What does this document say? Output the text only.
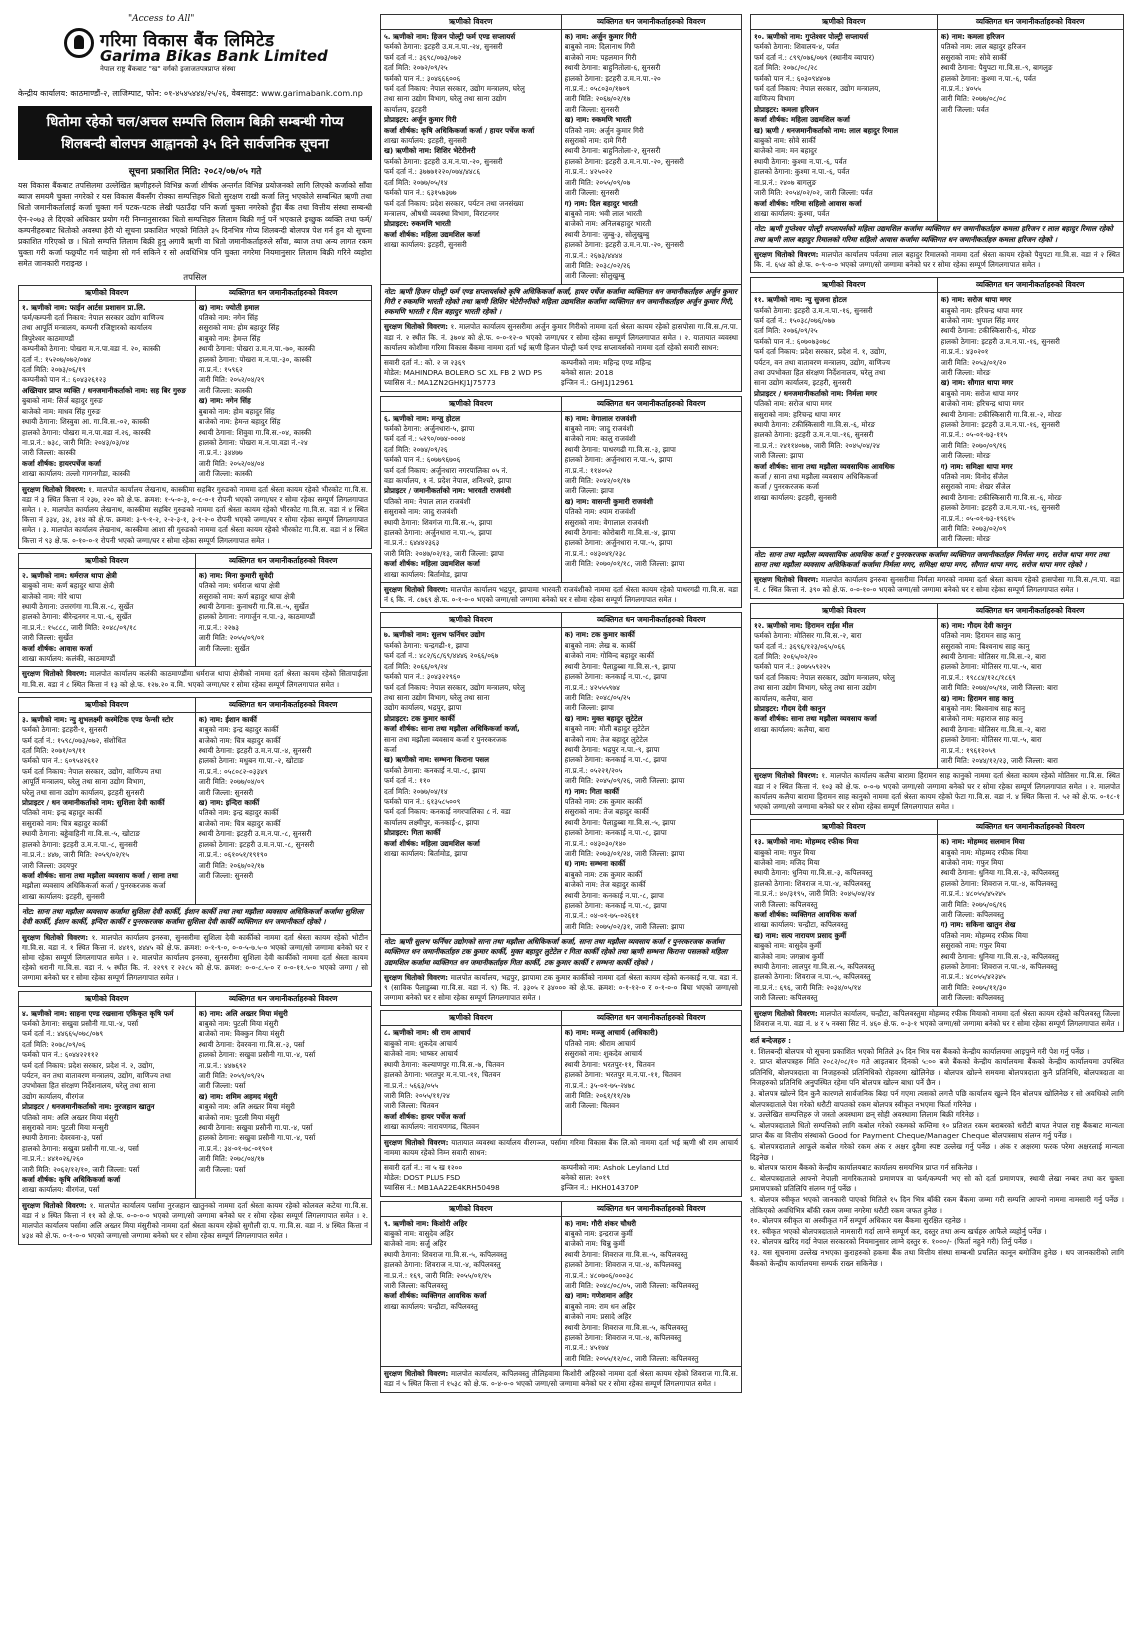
"Access to All"
गरिमा विकास बैंक लिमिटेड
Garima Bikas Bank Limited
नेपाल राष्ट्र बैंकबाट "ख" वर्गको इजाजतपत्रप्राप्त संस्था
केन्द्रीय कार्यालय: काठमाण्डौं-२, लाजिम्पाट, फोन: ०१-४५४५४४४/२५/२६, वेबसाइट: www.garimabank.com.np
धितोमा रहेको चल/अचल सम्पत्ति लिलाम बिक्री सम्बन्धी गोप्य
शिलबन्दी बोलपत्र आह्वानको ३५ दिने सार्वजनिक सूचना
सूचना प्रकाशित मिति: २०८२/०७/०५ गते
यस विकास बैंकबाट तपसिलमा उल्लेखित ऋणीहरुले विभिन्न कर्जा शीर्षक अन्तर्गत विभिन्न प्रयोजनको लागि लिएको कर्जाको साँवा ब्याज समयमै चुक्ता नगरेको र यस विकास बैंकसँग रोक्का सम्पत्तिहरु धितो सुरक्षण राखी कर्जा लिनु भएकोले सम्बन्धित ऋणी तथा धितो जमानीकर्तालाई कर्जा चुक्ता गर्न पटक-पटक लेखी पठाउँदा पनि कर्जा चुक्ता नगरेको हुँदा बैंक तथा वित्तीय संस्था सम्बन्धी ऐन-२०७३ ले दिएको अधिकार प्रयोग गरी निम्नानुसारका धितो सम्पत्तिहरु लिलाम बिक्री गर्नु पर्ने भएकाले इच्छुक व्यक्ति तथा फर्म/कम्पनीहरुबाट धितोको अवस्था हेरी यो सूचना प्रकाशित भएको मितिले ३५ दिनभित्र गोप्य शिलबन्दी बोलपत्र पेश गर्न हुन यो सूचना प्रकाशित गरिएको छ । धितो सम्पत्ति लिलाम बिक्री हुनु अगावै ऋणी वा धितो जमानीकर्ताहरुले साँवा, ब्याज तथा अन्य लागत रकम चुक्ता गरी कर्जा फछ्र्यौट गर्न चाहेमा सो गर्न सकिने र सो अवधिभित्र पनि चुक्ता नगरेमा नियमानुसार लिलाम बिक्री गरिने व्यहोरा समेत जानकारी गराइन्छ ।
तपसिल
ऋणीको विवरण	व्यक्तिगत धन जमानीकर्ताहरुको विवरण
१. ऋणीको नाम: फाईन आर्टस प्रशासन प्रा.लि.
फर्म/कम्पनी दर्ता निकाय: नेपाल सरकार उद्योग वाणिज्य
तथा आपूर्ति मन्त्रालय, कम्पनी रजिष्ट्रारको कार्यालय
त्रिपुरेश्वर काठमाण्डौं
कम्पनीको ठेगाना: पोखरा म.न.पा.वडा नं. २०, कास्की
दर्ता नं.: १५२०७/०७२/०७४
दर्ता मिति: २०७३/०६/१९
कम्पनीको पान नं.: ६०४३२६१२३
अख्तियार प्राप्त व्यक्ति / धनजमानीकर्ताको नाम: सह बिर गुरुङ
बुबाको नाम: सिर्ज बहादुर गुरुङ
बाजेको नाम: माधव सिंह गुरुङ
स्थायी ठेगाना: शिस्वुवा आ. गा.वि.स.-०२, कास्की
हालको ठेगाना: पोखरा म.न.पा.वडा नं.२६, कास्की
ना.प्र.नं.: ७३८, जारी मिति: २०४३/०३/०४
जारी जिल्ला: कास्की
कर्जा शीर्षक: हायरपर्चेज कर्जा
शाखा कार्यालय: तल्लो गागनगौडा, कास्की
ख) नाम: ज्योती हमाल
पतिको नाम: नगेन सिंह
ससुराको नाम: होम बहादुर सिंह
बाबुको नाम: हेमन्त सिंह
स्थायी ठेगाना: पोखरा उ.म.न.पा.-७०, कास्की
हालको ठेगाना: पोखरा म.न.पा.-३०, कास्की
ना.प्र.नं.: १५९६२
जारी मिति: २०५२/०४/२९
जारी जिल्ला: कास्की
ख) नाम: नगेन सिंह
बुबाको नाम: होम बहादुर सिंह
बाजेको नाम: हेमन्त बहादुर सिंह
स्थायी ठेगाना: शिवुवा गा.वि.स.-०४, कास्की
हालको ठेगाना: पोखरा म.न.पा.वडा नं.-२४
ना.प्र.नं.: ३४४७७
जारी मिति: २०५२/०४/०४
जारी जिल्ला: कास्की
सुरक्षण धितोको विवरण: १. मालपोत कार्यालय लेखनाथ, कास्कीमा सहबिर गुरुङको नाममा दर्ता श्रेस्ता कायम रहेको भीरकोट गा.वि.स. वडा नं ३ स्थित कित्ता नं २३७, २२० को क्षे.फ. क्रमश: १-५-०-३, ०-८-०-१ रोपनी भएको जग्गा/घर र सोमा रहेका सम्पूर्ण लिगलगापात समेत । २. मालपोत कार्यालय लेखनाथ, कास्कीमा सहबिर गुरुङको नाममा दर्ता श्रेस्ता कायम रहेको भीरकोट गा.वि.स. वडा नं ४ स्थित कित्ता नं ३३४, ३४, ३१४ को क्षे.फ. क्रमश: ३-९-१-२, २-२-३-१, ३-१-२-० रोपनी भएको जग्गा/घर र सोमा रहेका सम्पूर्ण लिगलगापात समेत । ३. मालपोत कार्यालय लेखनाथ, कास्कीमा आशा सी गुरुङको नाममा दर्ता श्रेस्ता कायम रहेको भीरकोट गा.वि.स. वडा नं ४ स्थित कित्ता नं ९३ क्षे.फ. ०-१०-०-१ रोपनी भएको जग्गा/घर र सोमा रहेका सम्पूर्ण लिगलगापात समेत ।
ऋणीको विवरण	व्यक्तिगत धन जमानीकर्ताहरुको विवरण
२. ऋणीको नाम: धर्मराज थापा क्षेत्री
बाबुको नाम: कर्ण बहादुर थापा क्षेत्री
बाजेको नाम: गोरे थापा
स्थायी ठेगाना: उत्तरगंगा गा.वि.स.-८, सुर्खेत
हालको ठेगाना: बीरेन्द्रनगर न.पा.-६, सुर्खेत
ना.प्र.नं.: १५८८८, जारी मिति: २०४८/०९/१८
जारी जिल्ला: सुर्खेत
कर्जा शीर्षक: आवास कर्जा
शाखा कार्यालय: कलंकी, काठमाण्डौं
क) नाम: मिना कुमारी सुवेदी
पतिको नाम: धर्मराज थापा क्षेत्री
ससुराको नाम: कर्ण बहादुर थापा क्षेत्री
स्थायी ठेगाना: कुनाथरी गा.वि.स.-५, सुर्खेत
हालको ठेगाना: नागार्जुन न.पा.-३, काठमाण्डौं
ना.प्र.नं.: २२७३
जारी मिति: २०५५/०९/०१
जारी जिल्ला: सुर्खेत
सुरक्षण धितोको विवरण: मालपोत कार्यालय कलंकी काठमाण्डौंमा धर्मराज थापा क्षेत्रीको नाममा दर्ता श्रेस्ता कायम रहेको सितापाईला गा.वि.स. वडा नं ८ स्थित कित्ता नं १३ को क्षे.फ. १२७.२० व.मि. भएको जग्गा/घर र सोमा रहेका सम्पूर्ण लिगलगापात समेत ।
ऋणीको विवरण	व्यक्तिगत धन जमानीकर्ताहरुको विवरण
३. ऋणीको नाम: न्यु शुभलक्ष्मी कस्मेटिक एण्ड फेन्सी स्टोर
फर्मको ठेगाना: इटहरी-१, सुनसरी
फर्म दर्ता नं.: १५९८/०७३/०७२, संशोधित
दर्ता मिति: २०७१/०९/११
फर्मको पान नं.: ६०९५४२६१२
फर्म दर्ता निकाय: नेपाल सरकार, उद्योग, वाणिज्य तथा
आपूर्ति मन्त्रालय, घरेलु तथा साना उद्योग विभाग,
घरेलु तथा साना उद्योग कार्यालय, इटहरी सुनसरी
प्रोप्राइटर / धन जमानीकर्ताको नाम: सुशिला देवी कार्की
पतिको नाम: इन्द्र बहादुर कार्की
ससुराको नाम: चित्र बहादुर कार्की
स्थायी ठेगाना: बड्डेवाहिनी गा.वि.स.-५, खोटाङ
हालको ठेगाना: इटहरी उ.म.न.पा.-८, सुनसरी
ना.प्र.नं.: ४४७, जारी मिति: २०५९/०२/१५
जारी जिल्ला: उदयपुर
कर्जा शीर्षक: साना तथा मझौला व्यवसाय कर्जा / साना तथा
मझौला व्यवसाय अधिकिकर्जा कर्जा / पुनरकरजक कर्जा
शाखा कार्यालय: इटहरी, सुनसरी
क) नाम: ईशान कार्की
बाबुको नाम: इन्द्र बहादुर कार्की
बाजेको नाम: चित्र बहादुर कार्की
स्थायी ठेगाना: इटहरी उ.म.न.पा.-४, सुनसरी
हालको ठेगाना: मधुबन गा.पा.-२, खोटाङ
ना.प्र.नं.: ०५८०८२-०३३४९
जारी मिति: २०७७/०४/०९
जारी जिल्ला: सुनसरी
ख) नाम: इन्दिरा कार्की
पतिको नाम: इन्द्र बहादुर कार्की
बाजेको नाम: चित्र बहादुर कार्की
स्थायी ठेगाना: इटहरी उ.म.न.पा.-८, सुनसरी
हालको ठेगाना: इटहरी उ.म.न.पा.-८, सुनसरी
ना.प्र.नं.: ०६१०५१/१९१९०
जारी मिति: २०६७/०२/१७
जारी जिल्ला: सुनसरी
नोट: साना तथा मझौला व्यवसाय कर्जामा सुशिला देवी कार्की, ईशान कार्की तथा तथा मझौला व्यवसाय अधिकिकर्जा कर्जामा सुशिला देवी कार्की, ईशान कार्की, इन्दिरा कार्की र पुनरकरजक कर्जामा सुशिला देवी कार्की व्यक्तिगत धन जमानीकर्ता रहेको ।
सुरक्षण धितोको विवरण: १. मालपोत कार्यालय इनरुवा, सुनसरीमा सुशिला देवी कार्कीको नाममा दर्ता श्रेस्ता कायम रहेको भोटीन गा.वि.स. वडा नं. १ स्थित कित्ता नं. ४४१९, ४४४५ को क्षे.फ. क्रमश: ०-१-९-०, ०-०-५-७.५-० भएको जग्गा/सो जग्गामा बनेको घर र सोमा रहेका सम्पूर्ण लिगलगापात समेत । २. मालपोत कार्यालय इनरुवा, सुनसरीमा सुशिला देवी कार्कीको नाममा दर्ता श्रेस्ता कायम रहेको धरानी गा.वि.स. वडा नं. ५ स्थीत कि. नं. २२९९ र २२८५ को क्षे.फ. क्रमश: ०-०-८.५-० र ०-०-११.५-० भएको जग्गा / सो जग्गामा बनेको घर र सोमा रहेका सम्पूर्ण लिगलगापात समेत ।
ऋणीको विवरण	व्यक्तिगत धन जमानीकर्ताहरुको विवरण
४. ऋणीको नाम: साहना एण्ड रखसाना एकिकृत कृषि फर्म
फर्मको ठेगाना: सखुवा प्रसौनी गा.पा.-४, पर्सा
फर्म दर्ता नं.: ४४६६५/०७८/०७९
दर्ता मिति: २०७८/०९/०६
फर्मको पान नं.: ६०४४२२११२
फर्म दर्ता निकाय: प्रदेश सरकार, प्रदेश नं. २, उद्योग,
पर्यटन, वन तथा वातावरण मन्त्रालय, उद्योग, वाणिज्य तथा
उपभोक्ता हित संरक्षण निर्देशनालय, घरेलु तथा साना
उद्योग कार्यालय, वीरगंज
प्रोप्राइटर / धनजमानीकर्ताको नाम: नुरजहान खातुन
पतिको नाम: अलि अख्तर मिया मंसुरी
ससुराको नाम: पुटली मिया मन्सुरी
स्थायी ठेगाना: देवरवना-३, पर्सा
हालको ठेगाना: सखुवा प्रसौनी गा.पा.-४, पर्सा
ना.प्र.नं.: ४४१०२६/२६०
जारी मिति: २०६२/१२/१०, जारी जिल्ला: पर्सा
कर्जा शीर्षक: कृषि अधिकिकर्जा कर्जा
शाखा कार्यालय: वीरगंज, पर्सा
क) नाम: अलि अख्तर मिया मंसुरी
बाबुको नाम: पुटली मिया मंसुरी
बाजेको नाम: विक्कुन मिया मंसुरी
स्थायी ठेगाना: देवरवना गा.वि.स.-३, पर्सा
हालको ठेगाना: सखुवा प्रसौनी गा.पा.-४, पर्सा
ना.प्र.नं.: ४४७६९२
जारी मिति: २०५९/०९/२५
जारी जिल्ला: पर्सा
ख) नाम: शमिम अहमद मंसुरी
बाबुको नाम: अलि अख्तर मिया मंसुरी
बाजेको नाम: पुटली मिया मंसुरी
स्थायी ठेगाना: सखुवा प्रसौनी गा.पा.-४, पर्सा
हालको ठेगाना: सखुवा प्रसौनी गा.पा.-४, पर्सा
ना.प्र.नं.: ३४-०१-७८-०१९०१
जारी मिति: २०७८/०४/१७
जारी जिल्ला: पर्सा
सुरक्षण धितोको विवरण: १. मालपोत कार्यालय पर्सामा नुरजहान खातुनको नाममा दर्ता श्रेस्ता कायम रहेको कोलवल कटेया गा.वि.स. वडा नं ४ स्थित कित्ता नं ११ को क्षे.फ. ०-०-०-० भएको जग्गा/सो जग्गामा बनेको घर र सोमा रहेका सम्पूर्ण लिगलगापात समेत । २. मालपोत कार्यालय पर्सामा अलि अख्तर मिया मंसुरीको नाममा दर्ता श्रेस्ता कायम रहेको सुगौली दा.प. गा.वि.स. वडा नं. ४ स्थित कित्ता नं ४३४ को क्षे.फ. ०-१-०-० भएको जग्गा/सो जग्गामा बनेको घर र सोमा रहेका सम्पूर्ण लिगलगापात समेत ।
ऋणीको विवरण	व्यक्तिगत धन जमानीकर्ताहरुको विवरण
५. ऋणीको नाम: हिजन पोल्ट्री फर्म एण्ड सप्लायर्स
फर्मको ठेगाना: इटहरी उ.म.न.पा.-२४, सुनसरी
फर्म दर्ता नं.: ३६९८/०७३/०७२
दर्ता मिति: २०७२/०९/२५
फर्मको पान नं.: ३०४६६६००६
फर्म दर्ता निकाय: नेपाल सरकार, उद्योग मन्त्रालय, घरेलु
तथा साना उद्योग विभाग, घरेलु तथा साना उद्योग
कार्यालय, इटहरी
प्रोप्राइटर: अर्जुन कुमार गिरी
कर्जा शीर्षक: कृषि अधिकिकर्जा कर्जा / हायर पर्चेज कर्जा
शाखा कार्यालय: इटहरी, सुनसरी
ख) ऋणीको नाम: शिशिर भेटेरीनरी
फर्मको ठेगाना: इटहरी उ.म.न.पा.-२०, सुनसरी
फर्म दर्ता नं.: ३७७७१२२०/०७४/४४८६
दर्ता मिति: २०७७/०५/१४
फर्मको पान नं.: ६३१५७३७७
फर्म दर्ता निकाय: प्रदेश सरकार, पर्यटन तथा जनसंख्या
मन्त्रालय, औषधी व्यवस्था विभाग, विराटनगर
प्रोप्राइटर: रुकमणि भारती
कर्जा शीर्षक: महिला उद्यमशिल कर्जा
शाखा कार्यालय: इटहरी, सुनसरी
क) नाम: अर्जुन कुमार गिरी
बाबुको नाम: दिलानाथ गिरी
बाजेको नाम: पहलमान गिरी
स्थायी ठेगाना: बाहुनितोला-६, सुनसरी
हालको ठेगाना: इटहरी उ.म.न.पा.-२०
ना.प्र.नं.: ०५८०३०/१७०९
जारी मिति: २०६७/०२/१७
जारी जिल्ला: सुनसरी
ख) नाम: रुकमणि भारती
पतिको नाम: अर्जुन कुमार गिरी
ससुराको नाम: दामे गिरी
स्थायी ठेगाना: बाहुनितोला-२, सुनसरी
हालको ठेगाना: इटहरी उ.म.न.पा.-२०, सुनसरी
ना.प्र.नं.: ४२५०२२
जारी मिति: २०५५/०९/०७
जारी जिल्ला: सुनसरी
ग) नाम: दिल बहादुर भारती
बाबुको नाम: भवी लाल भारती
बाजेको नाम: अनिलबहादुर भारती
स्थायी ठेगाना: जुम्बु-३, सोलुखुम्बु
हालको ठेगाना: इटहरी उ.म.न.पा.-२०, सुनसरी
ना.प्र.नं.: २६७३/४४४४
जारी मिति: २०३८/०२/२६
जारी जिल्ला: सोलुखुम्बु
नोट: ऋणी हिजन पोल्ट्री फर्म एण्ड सप्लायर्सको कृषि अधिकिकर्जा कर्जा, हायर पर्चेज कर्जामा व्यक्तिगत धन जमानीकर्ताहरु अर्जुन कुमार गिरी र रुकमणि भारती रहेको तथा ऋणी शिशिर भेटेरीनरीको महिला उद्यमशिल कर्जामा व्यक्तिगत धन जमानीकर्ताहरु अर्जुन कुमार गिरी, रुकमणि भारती र दिल बहादुर भारती रहेको ।
सुरक्षण धितोको विवरण: १. मालपोत कार्यालय सुनसरीमा अर्जुन कुमार गिरीको नाममा दर्ता श्रेस्ता कायम रहेको हासपोसा गा.वि.स./न.पा. वडा नं. २ स्थीत कि. नं. ३७०४ को क्षे.फ. ०-०-१२-० भएको जग्गा/घर र सोमा रहेका सम्पूर्ण लिगलगापात समेत । २. यातायात व्यवस्था कार्यालय कोशीमा गरिमा विकास बैंकमा नाममा दर्ता भई ऋणी हिजन पोल्ट्री फर्म एण्ड सप्लायर्सको नाममा दर्ता रहेको सवारी साधन:
सवारी दर्ता नं.: को. २ ज २३६९	कम्पनीको नाम: महिन्द्र एण्ड महिन्द्र
मोडेल: MAHINDRA BOLERO SC XL FB 2 WD PS	बनेको साल: 2018
च्यासिस नं.: MA1ZN2GHKJ1J75773	इन्जिन नं.: GHJ1J12961
ऋणीको विवरण	व्यक्तिगत धन जमानीकर्ताहरुको विवरण
६. ऋणीको नाम: मन्जु होटल
फर्मको ठेगाना: अर्जुनधारा-५, झापा
फर्म दर्ता नं.: ५२९०/०७४-०००४
दर्ता मिति: २०७४/०९/२६
फर्मको पान नं.: ६०७७९६७०६
फर्म दर्ता निकाय: अर्जुनधारा नगरपालिका ०५ नं.
वडा कार्यालय, १ नं. प्रदेश नेपाल, शनिश्चरे, झापा
प्रोप्राइटर / जमानीकर्ताको नाम: भारवती राजवंशी
पतिको नाम: नेपाल लाल राजवंशी
ससुराको नाम: जादु राजवंशी
स्थायी ठेगाना: शिवगंज गा.वि.स.-५, झापा
हालको ठेगाना: अर्जुनधारा न.पा.-५, झापा
ना.प्र.नं.: ६४४४२३६३
जारी मिति: २०४७/०२/१३, जारी जिल्ला: झापा
कर्जा शीर्षक: महिला उद्यमशिल कर्जा
शाखा कार्यालय: बिर्तामोड, झापा
क) नाम: वेगालाल राजवंशी
बाबुको नाम: जादु राजवंशी
बाजेको नाम: कालु राजवंशी
स्थायी ठेगाना: पाथरगढी गा.वि.स.-३, झापा
हालको ठेगाना: अर्जुनधारा न.पा.-५, झापा
ना.प्र.नं.: ११४०५२
जारी मिति: २०४२/०१/१७
जारी जिल्ला: झापा
ख) नाम: वासन्ती कुमारी राजवंशी
पतिको नाम: श्याम राजवंशी
ससुराको नाम: वेगालाल राजवंशी
स्थायी ठेगाना: कोरोबारी गा.वि.स.-४, झापा
हालको ठेगाना: अर्जुनधारा न.पा.-५, झापा
ना.प्र.नं.: ०४३०४१/२३८
जारी मिति: २०७०/०१/१८, जारी जिल्ला: झापा
सुरक्षण धितोको विवरण: मालपोत कार्यालय भद्रपुर, झापामा भारवती राजवंशीको नाममा दर्ता श्रेस्ता कायम रहेको पाथरगढी गा.वि.स. वडा नं ६ कि. नं. ८७६९ क्षे.फ. ०-१-०-० भएको जग्गा/सो जग्गामा बनेको घर र सोमा रहेका सम्पूर्ण लिगलगापात समेत ।
ऋणीको विवरण	व्यक्तिगत धन जमानीकर्ताहरुको विवरण
७. ऋणीको नाम: सुलभ फर्निचर उद्योग
फर्मको ठेगाना: चन्द्रगढी-१, झापा
फर्म दर्ता नं.: ४८२/६८/६९/४४४६ २०६६/०६७
दर्ता मिति: २०६६/०९/२४
फर्मको पान नं.: ३०४३२२९६०
फर्म दर्ता निकाय: नेपाल सरकार, उद्योग मन्त्रालय, घरेलु
तथा साना उद्योग विभाग, घरेलु तथा साना
उद्योग कार्यालय, भद्रपुर, झापा
प्रोप्राइटर: टक कुमार कार्की
कर्जा शीर्षक: साना तथा मझौला अधिकिकर्जा कर्जा,
साना तथा मझौला व्यवसाय कर्जा र पुनरकरजक
कर्जा
ख) ऋणीको नाम: सम्भना किराना पसल
फर्मको ठेगाना: कनकाई न.पा.-८, झापा
फर्म दर्ता नं.: ११०
दर्ता मिति: २०७७/०४/१४
फर्मको पान नं.: ६१३५८५००९
फर्म दर्ता निकाय: कनकाई नगरपालिका ८ नं. वडा
कार्यालय लक्ष्मीपुर, कनकाई-८, झापा
प्रोप्राइटर: गिता कार्की
कर्जा शीर्षक: महिला उद्यमशिल कर्जा
शाखा कार्यालय: बिर्तामोड, झापा
क) नाम: टक कुमार कार्की
बाबुको नाम: लेख ब. कार्की
बाजेको नाम: गोविन्द बहादुर कार्की
स्थायी ठेगाना: पैलाडुब्बा गा.वि.स.-९, झापा
हालको ठेगाना: कनकाई न.पा.-८, झापा
ना.प्र.नं.: ४२५५५९७४
जारी मिति: २०४८/०५/२५
जारी जिल्ला: झापा
ख) नाम: मुक्त बहादुर लुटेटेल
बाबुको नाम: मोती बहादुर लुटेटेल
बाजेको नाम: तेज बहादुर लुटेटेल
स्थायी ठेगाना: भद्रपुर न.पा.-९, झापा
हालको ठेगाना: कनकाई न.पा.-८, झापा
ना.प्र.नं.: ०५२२१/२०५
जारी मिति: २०४५/०९/२६, जारी जिल्ला: झापा
ग) नाम: गिता कार्की
पतिको नाम: टक कुमार कार्की
ससुराको नाम: तेज बहादुर कार्की
स्थायी ठेगाना: पैलाडुब्बा गा.वि.स.-५, झापा
हालको ठेगाना: कनकाई न.पा.-८, झापा
ना.प्र.नं.: ०४३०३०/१४०
जारी मिति: २०७३/०१/२४, जारी जिल्ला: झापा
घ) नाम: सम्भना कार्की
बाबुको नाम: टक कुमार कार्की
बाजेको नाम: तेज बहादुर कार्की
स्थायी ठेगाना: कनकाई न.पा.-८, झापा
हालको ठेगाना: कनकाई न.पा.-८, झापा
ना.प्र.नं.: ०४-०१-७५-०२६११
जारी मिति: २०७५/०२/३१, जारी जिल्ला: झापा
नोट: ऋणी सुलभ फर्निचर उद्योगको साना तथा मझौला अधिकिकर्जा कर्जा, साना तथा मझौला व्यवसाय कर्जा र पुनरकरजक कर्जामा व्यक्तिगत धन जमानीकर्ताहरु टक कुमार कार्की, मुक्त बहादुर लुटेटेल र गिता कार्की रहेको तथा ऋणी सम्भना किराना पसलको महिला उद्यमशिल कर्जामा व्यक्तिगत धन जमानीकर्ताहरु गिता कार्की, टक कुमार कार्की र सम्भना कार्की रहेको ।
सुरक्षण धितोको विवरण: मालपोत कार्यालय, भद्रपुर, झापामा टक कुमार कार्कीको नाममा दर्ता श्रेस्ता कायम रहेको कनकाई न.पा. वडा नं. ९ (साविक पैलाडुब्बा गा.वि.स. वडा नं. ९) कि. नं. ३३०५ र ३४००० को क्षे.फ. क्रमश: ०-१-१२-० र ०-१-०-० बिघा भएको जग्गा/सो जग्गामा बनेको घर र सोमा रहेका सम्पूर्ण लिगलगापात समेत ।
ऋणीको विवरण	व्यक्तिगत धन जमानीकर्ताहरुको विवरण
८. ऋणीको नाम: श्री राम आचार्य
बाबुको नाम: शुकदेव आचार्य
बाजेको नाम: भाष्कर आचार्य
स्थायी ठेगाना: कल्याणपुर गा.वि.स.-७, चितवन
हालको ठेगाना: भरतपुर म.न.पा.-११, चितवन
ना.प्र.नं.: ५६६३/०५५
जारी मिति: २०५५/११/२४
जारी जिल्ला: चितवन
कर्जा शीर्षक: हायर पर्चेज कर्जा
शाखा कार्यालय: नारायणगढ, चितवन
क) नाम: मञ्जु आचार्य (अधिकारी)
पतिको नाम: श्रीराम आचार्य
ससुराको नाम: शुकदेव आचार्य
स्थायी ठेगाना: भरतपुर-११, चितवन
हालको ठेगाना: भरतपुर म.न.पा.-११, चितवन
ना.प्र.नं.: ३५-०१-७५-२४७८
जारी मिति: २०६१/११/२७
जारी जिल्ला: चितवन
सुरक्षण धितोको विवरण: यातायात व्यवस्था कार्यालय वीरगञ्ज, पर्सामा गरिमा विकास बैंक लि.को नाममा दर्ता भई ऋणी श्री राम आचार्य नाममा कायम रहेको निम्न सवारी साधन:
सवारी दर्ता नं.: ना ५ ख १२००	कम्पनीको नाम: Ashok Leyland Ltd
मोडेल: DOST PLUS FSD	बनेको साल: २०१९
च्यासिस नं.: MB1AA22E4KRH50498	इन्जिन नं.: HKH014370P
ऋणीको विवरण	व्यक्तिगत धन जमानीकर्ताहरुको विवरण
९. ऋणीको नाम: किशोरी अहिर
बाबुको नाम: वासुदेव अहिर
बाजेको नाम: सर्जु अहिर
स्थायी ठेगाना: शिवराज गा.वि.स.-५, कपिलवस्तु
हालको ठेगाना: शिवराज न.पा.-४, कपिलवस्तु
ना.प्र.नं.: १६९, जारी मिति: २०५५/०१/१५
जारी जिल्ला: कपिलवस्तु
कर्जा शीर्षक: व्यक्तिगत आवधिक कर्जा
शाखा कार्यालय: चन्द्रौटा, कपिलवस्तु
क) नाम: गौरी शंकर चौधरी
बाबुको नाम: इन्द्रराज कुर्मी
बाजेको नाम: चिन्नु कुर्मी
स्थायी ठेगाना: शिवराज गा.वि.स.-५, कपिलवस्तु
हालको ठेगाना: शिवराज न.पा.-४, कपिलवस्तु
ना.प्र.नं.: ४८०७०६/०००३८
जारी मिति: २०४८/०८/०५, जारी जिल्ला: कपिलवस्तु
ख) नाम: गणेशमान अहिर
बाबुको नाम: राम धन अहिर
बाजेको नाम: प्रसादे अहिर
स्थायी ठेगाना: शिवराज गा.वि.स.-५, कपिलवस्तु
हालको ठेगाना: शिवराज न.पा.-४, कपिलवस्तु
ना.प्र.नं.: ४५१७४
जारी मिति: २०५५/१२/०८, जारी जिल्ला: कपिलवस्तु
सुरक्षण धितोको विवरण: मालपोत कार्यालय, कपिलवस्तु तौलिहवामा किशोरी अहिरको नाममा दर्ता श्रेस्ता कायम रहेको शिवराज गा.वि.स. वडा नं ५ स्थित कित्ता नं १५३८ को क्षे.फ. ०-४-०-० भएको जग्गा/सो जग्गामा बनेको घर र सोमा रहेका सम्पूर्ण लिगलगापात समेत ।
ऋणीको विवरण	व्यक्तिगत धन जमानीकर्ताहरुको विवरण
१०. ऋणीको नाम: गुप्तेश्वर पोल्ट्री सप्लायर्स
फर्मको ठेगाना: शिवालय-४, पर्वत
फर्म दर्ता नं.: ८९९/०७६/०७९ (स्थानीय व्यापार)
दर्ता मिति: २०७८/०८/२८
फर्मको पान नं.: ६०३०९४४०७
फर्म दर्ता निकाय: नेपाल सरकार, उद्योग मन्त्रालय,
वाणिज्य विभाग
प्रोप्राइटर: कमला हरिजन
कर्जा शीर्षक: महिला उद्यमशिल कर्जा
ख) ऋणी / धनजमानीकर्ताको नाम: लाल बहादुर रिमाल
बाबुको नाम: सोवे सार्की
बाजेको नाम: मन बहादुर
स्थायी ठेगाना: कुश्मा न.पा.-६, पर्वत
हालको ठेगाना: कुश्मा न.पा.-६, पर्वत
ना.प्र.नं.: २४०७ बागलुङ
जारी मिति: २०५४/०२/०२, जारी जिल्ला: पर्वत
कर्जा शीर्षक: गरिमा सहिलो आवास कर्जा
शाखा कार्यालय: कुश्मा, पर्वत
क) नाम: कमला हरिजन
पतिको नाम: लाल बहादुर हरिजन
ससुराको नाम: सोवे सार्की
स्थायी ठेगाना: पैयुपटा गा.वि.स.-९, बागलुङ
हालको ठेगाना: कुश्मा न.पा.-६, पर्वत
ना.प्र.नं.: ४०५५
जारी मिति: २०७७/०८/०८
जारी जिल्ला: पर्वत
नोट: ऋणी गुप्तेश्वर पोल्ट्री सप्लायर्सको महिला उद्यमशिल कर्जामा व्यक्तिगत धन जमानीकर्ताहरु कमला हरिजन र लाल बहादुर रिमाल रहेको तथा ऋणी लाल बहादुर रिमालको गरिमा सहिलो आवास कर्जामा व्यक्तिगत धन जमानीकर्ताहरु कमला हरिजन रहेको ।
सुरक्षण धितोको विवरण: मालपोत कार्यालय पर्वतमा लाल बहादुर रिमालको नाममा दर्ता श्रेस्ता कायम रहेको पैयुपटा गा.वि.स. वडा नं २ स्थित कि. नं. ६५४ को क्षे.फ. ०-९-०-० भएको जग्गा/सो जग्गामा बनेको घर र सोमा रहेका सम्पूर्ण लिगलगापात समेत ।
ऋणीको विवरण	व्यक्तिगत धन जमानीकर्ताहरुको विवरण
११. ऋणीको नाम: न्यु सुजना होटल
फर्मको ठेगाना: इटहरी उ.म.न.पा.-१६, सुनसरी
फर्म दर्ता नं.: १५०३८/०७६/०७७
दर्ता मिति: २०७६/०९/२५
फर्मको पान नं.: ६०७०७३०७८
फर्म दर्ता निकाय: प्रदेश सरकार, प्रदेश नं. १, उद्योग,
पर्यटन, वन तथा वातावरण मन्त्रालय, उद्योग, वाणिज्य
तथा उपभोक्ता हित संरक्षण निर्देशनालय, घरेलु तथा
साना उद्योग कार्यालय, इटहरी, सुनसरी
प्रोप्राइटर / धनजमानीकर्ताको नाम: निर्मला मगर
पतिको नाम: सरोज थापा मगर
ससुराको नाम: हरिचन्द्र थापा मगर
स्थायी ठेगाना: टकीस्किसारी गा.वि.स.-६, मोरङ
हालको ठेगाना: इटहरी उ.म.न.पा.-१६, सुनसरी
ना.प्र.नं.: २४११४०७७, जारी मिति: २०४५/०४/२४
जारी जिल्ला: झापा
कर्जा शीर्षक: साना तथा मझौला व्यवसायिक आवधिक
कर्जा / साना तथा मझौला व्यवसाय अधिकिकर्जा
कर्जा / पुनरकरजक कर्जा
शाखा कार्यालय: इटहरी, सुनसरी
क) नाम: सरोज थापा मगर
बाबुको नाम: हरिचन्द्र थापा मगर
बाजेको नाम: भुपाल सिंह मगर
स्थायी ठेगाना: टकीस्किसारी-६, मोरङ
हालको ठेगाना: इटहरी उ.म.न.पा.-१६, सुनसरी
ना.प्र.नं.: ४३०२०१
जारी मिति: २०५३/०१/२०
जारी जिल्ला: मोरङ
ख) नाम: सौगात थापा मगर
बाबुको नाम: सरोज थापा मगर
बाजेको नाम: हरिचन्द्र थापा मगर
स्थायी ठेगाना: टकीस्किसारी गा.वि.स.-२, मोरङ
हालको ठेगाना: इटहरी उ.म.न.पा.-१६, सुनसरी
ना.प्र.नं.: ०५-०१-७३-११५
जारी मिति: २०७०/०९/१६
जारी जिल्ला: मोरङ
ग) नाम: समिक्षा थापा मगर
पतिको नाम: विनोद सँजेल
ससुराको नाम: शेखर सँजेल
स्थायी ठेगाना: टकीस्किसारी गा.वि.स.-६, मोरङ
हालको ठेगाना: इटहरी उ.म.न.पा.-१६, सुनसरी
ना.प्र.नं.: ०५-०१-७३-१९६१५
जारी मिति: २०७३/०२/०९
जारी जिल्ला: मोरङ
नोट: साना तथा मझौला व्यवसायिक आवधिक कर्जा र पुनरकरजक कर्जामा व्यक्तिगत जमानीकर्ताहरु निर्मला मगर, सरोज थापा मगर तथा साना तथा मझौला व्यवसाय अधिकिकर्जा कर्जामा निर्मला मगर, समिक्षा थापा मगर, सौगात थापा मगर, सरोज थापा मगर रहेको ।
सुरक्षण धितोको विवरण: मालपोत कार्यालय इनरुवा सुनसरीमा निर्मला मगरको नाममा दर्ता श्रेस्ता कायम रहेको हासपोसा गा.वि.स./न.पा. वडा नं. ८ स्थित कित्ता नं. ३९० को क्षे.फ. ०-०-१०-० भएको जग्गा/सो जग्गामा बनेको घर र सोमा रहेका सम्पूर्ण लिगलगापात समेत ।
ऋणीको विवरण	व्यक्तिगत धन जमानीकर्ताहरुको विवरण
१२. ऋणीको नाम: हिरामन राईस मील
फर्मको ठेगाना: मोतिसर गा.वि.स.-२, बारा
फर्म दर्ता नं.: ३६९६/१२३/०६५/०६६
दर्ता मिति: २०६५/०२/२०
फर्मको पान नं.: ३०७५५९२२५
फर्म दर्ता निकाय: नेपाल सरकार, उद्योग मन्त्रालय, घरेलु
तथा साना उद्योग विभाग, घरेलु तथा साना उद्योग
कार्यालय, कलैया, बारा
प्रोप्राइटर: गौदम देवी कानुन
कर्जा शीर्षक: साना तथा मझौला व्यवसाय कर्जा
शाखा कार्यालय: कलैया, बारा
क) नाम: गौदम देवी कानुन
पतिको नाम: हिरामन साह कानु
ससुराको नाम: बिश्वनाथ साह कानु
स्थायी ठेगाना: मोतिसर गा.वि.स.-२, बारा
हालको ठेगाना: मोतिसर गा.पा.-५, बारा
ना.प्र.नं.: १९८८४/१२८/१८६९
जारी मिति: २०७४/०५/१४, जारी जिल्ला: बारा
ख) नाम: हिरामन साह कानु
बाबुको नाम: बिश्वनाथ साह कानु
बाजेको नाम: महाराज साह कानु
स्थायी ठेगाना: मोतिसर गा.वि.स.-२, बारा
हालको ठेगाना: मोतिसर गा.पा.-५, बारा
ना.प्र.नं.: १९६१२०५९
जारी मिति: २०४४/१२/२३, जारी जिल्ला: बारा
सुरक्षण धितोको विवरण: १. मालपोत कार्यालय कलैया बारामा हिरामन साह कानुको नाममा दर्ता श्रेस्ता कायम रहेको मोतिसर गा.वि.स. स्थित वडा नं २ स्थित कित्ता नं. १०३ को क्षे.फ. ०-०-७ भएको जग्गा/सो जग्गामा बनेको घर र सोमा रहेका सम्पूर्ण लिगलगापात समेत । २. मालपोत कार्यालय कलैया बारामा हिरामन साह कानुको नाममा दर्ता श्रेस्ता कायम रहेको फेटा गा.वि.स. वडा नं. ४ स्थित कित्ता नं. ५२ को क्षे.फ. ०-१८-१ भएको जग्गा/सो जग्गामा बनेको घर र सोमा रहेका सम्पूर्ण लिगलगापात समेत ।
ऋणीको विवरण	व्यक्तिगत धन जमानीकर्ताहरुको विवरण
१३. ऋणीको नाम: मोहम्मद रफीक मिया
बाबुको नाम: गफुर मिया
बाजेको नाम: मजिद मिया
स्थायी ठेगाना: धुनिया गा.वि.स.-३, कपिलवस्तु
हालको ठेगाना: शिवराज न.पा.-४, कपिलवस्तु
ना.प्र.नं.: ४०/३१९५, जारी मिति: २०४५/०४/२४
जारी जिल्ला: कपिलवस्तु
कर्जा शीर्षक: व्यक्तिगत आवधिक कर्जा
शाखा कार्यालय: चन्द्रौटा, कपिलवस्तु
ख) नाम: सत्य नारायण प्रसाद कुर्मी
बाबुको नाम: वासुदेव कुर्मी
बाजेको नाम: जगन्नाथ कुर्मी
स्थायी ठेगाना: लालपुर गा.वि.स.-५, कपिलवस्तु
हालको ठेगाना: शिवराज न.पा.-५, कपिलवस्तु
ना.प्र.नं.: ६९६, जारी मिति: २०३४/०५/१४
जारी जिल्ला: कपिलवस्तु
क) नाम: मोहम्मद सलमान मिया
बाबुको नाम: मोहम्मद रफीक मिया
बाजेको नाम: गफुर मिया
स्थायी ठेगाना: धुनिया गा.वि.स.-३, कपिलवस्तु
हालको ठेगाना: शिवराज न.पा.-४, कपिलवस्तु
ना.प्र.नं.: ४८०५५/४५२४५
जारी मिति: २०७५/०६/१६
जारी जिल्ला: कपिलवस्तु
ग) नाम: सकिना खातुन शेख
पतिको नाम: मोहम्मद रफीक मिया
ससुराको नाम: गफुर मिया
स्थायी ठेगाना: धुनिया गा.वि.स.-३, कपिलवस्तु
हालको ठेगाना: शिवराज न.पा.-४, कपिलवस्तु
ना.प्र.नं.: ४८०५५/४२३४५
जारी मिति: २०७५/११/३०
जारी जिल्ला: कपिलवस्तु
सुरक्षण धितोको विवरण: मालपोत कार्यालय, चन्द्रौटा, कपिलवस्तुमा मोहम्मद रफीक मियाको नाममा दर्ता श्रेस्ता कायम रहेको कपिलवस्तु जिल्ला शिवराज न.पा. वडा नं. ४ र ५ नक्सा सिट नं. ४६० क्षे.फ. ०-३-१ भएको जग्गा/सो जग्गामा बनेको घर र सोमा रहेका सम्पूर्ण लिगलगापात समेत ।
शर्त बन्देजहरु :
१. शिलबन्दी बोलपत्र यो सूचना प्रकाशित भएको मितिले ३५ दिन भित्र यस बैंकको केन्द्रीय कार्यालयमा आइपुग्ने गरी पेश गर्नु पर्नेछ ।
२. प्राप्त बोलपत्रहरु मिति २०८२/०८/१० गते आइतबार दिनको ५:०० बजे बैंकको केन्द्रीय कार्यालयमा बैंकको केन्द्रीय कार्यालयमा उपस्थित प्रतिनिधि, बोलपत्रदाता वा निजहरुको प्रतिनिधिको रोहवरमा खोलिनेछ । बोलपत्र खोल्ने समयमा बोलपत्रदाता कुनै प्रतिनिधि, बोलपत्रदाता वा निजहरुको प्रतिनिधि अनुपस्थित रहेमा पनि बोलपत्र खोल्न बाधा पर्ने छैन ।
३. बोलपत्र खोल्ने दिन कुनै कारणले सार्वजनिक बिदा पर्न गएमा त्यसको लगत्तै पछि कार्यालय खुल्ने दिन बोलपत्र खोलिनेछ र सो अवधिको लागि बोलपत्रदाताले पेश गरेको धरौटी वापतको रकम बोलपत्र स्वीकृत नभएमा फिर्ता गरिनेछ ।
४. उल्लेखित सम्पत्तिहरु जे जस्तो अवस्थामा छन् सोही अवस्थामा लिलाम बिक्री गरिनेछ ।
५. बोलपत्रदाताले धितो सम्पत्तिको लागि कबोल गरेको रकमको कम्तिमा १० प्रतिशत रकम बराबरको धरौटी बापत नेपाल राष्ट्र बैंकबाट मान्यता प्राप्त बैंक वा वित्तीय संस्थाको Good for Payment Cheque/Manager Cheque बोलपत्रसाथ संलग्न गर्नु पर्नेछ ।
६. बोलपत्रदाताले आफूले कबोल गरेको रकम अंक र अक्षर दुवैमा स्पष्ट उल्लेख गर्नु पर्नेछ । अंक र अक्षरमा फरक परेमा अक्षरलाई मान्यता दिइनेछ ।
७. बोलपत्र फाराम बैंकको केन्द्रीय कार्यालयबाट कार्यालय समयभित्र प्राप्त गर्न सकिनेछ ।
८. बोलपत्रदाताले आफ्नो नेपाली नागरिकताको प्रमाणपत्र वा फर्म/कम्पनी भए सो को दर्ता प्रमाणपत्र, स्थायी लेखा नम्बर तथा कर चुक्ता प्रमाणपत्रको प्रतिलिपि संलग्न गर्नु पर्नेछ ।
९. बोलपत्र स्वीकृत भएको जानकारी पाएको मितिले १५ दिन भित्र बाँकी रकम बैंकमा जम्मा गरी सम्पत्ति आफ्नो नाममा नामसारी गर्नु पर्नेछ । तोकिएको अवधिभित्र बाँकी रकम जम्मा नगरेमा धरौटी रकम जफत हुनेछ ।
१०. बोलपत्र स्वीकृत वा अस्वीकृत गर्ने सम्पूर्ण अधिकार यस बैंकमा सुरक्षित रहनेछ ।
११. स्वीकृत भएको बोलपत्रदाताले नामसारी गर्दा लाग्ने सम्पूर्ण कर, दस्तुर तथा अन्य खर्चहरु आफैले व्यहोर्नु पर्नेछ ।
१२. बोलपत्र खरिद गर्दा नेपाल सरकारको नियमानुसार लाग्ने दस्तुर रु. १०००/- (फिर्ता नहुने गरी) तिर्नु पर्नेछ ।
१३. यस सूचनामा उल्लेख नभएका कुराहरुको हकमा बैंक तथा वित्तीय संस्था सम्बन्धी प्रचलित कानून बमोजिम हुनेछ । थप जानकारीको लागि बैंकको केन्द्रीय कार्यालयमा सम्पर्क राख्न सकिनेछ ।
